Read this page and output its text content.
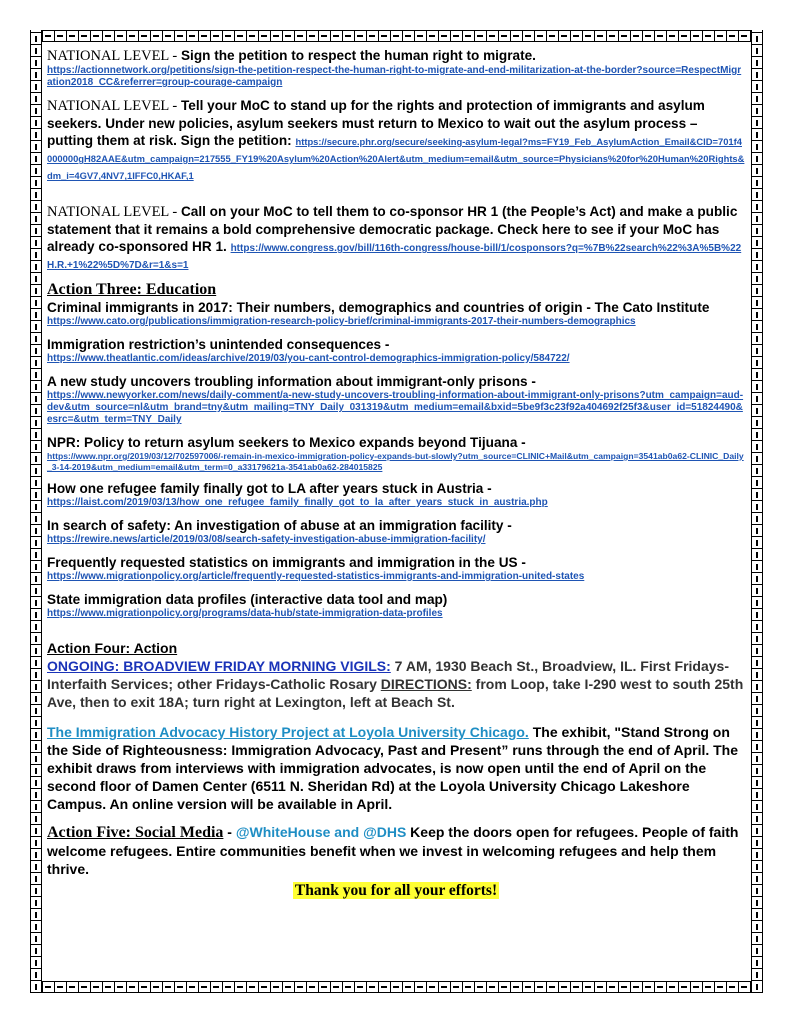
NATIONAL LEVEL - Sign the petition to respect the human right to migrate.

https://actionnetwork.org/petitions/sign-the-petition-respect-the-human-right-to-migrate-and-end-militarization-at-the-border?source=RespectMigration2018_CC&referrer=group-courage-campaign

NATIONAL LEVEL - Tell your MoC to stand up for the rights and protection of immigrants and asylum seekers. Under new policies, asylum seekers must return to Mexico to wait out the asylum process – putting them at risk. Sign the petition: https://secure.phr.org/secure/seeking-asylum-legal?ms=FY19_Feb_AsylumAction_Email&CID=701f4000000gH82AAE&utm_campaign=217555_FY19%20Asylum%20Action%20Alert&utm_medium=email&utm_source=Physicians%20for%20Human%20Rights&dm_i=4GV7,4NV7,1IFFC0,HKAF,1

NATIONAL LEVEL - Call on your MoC to tell them to co-sponsor HR 1 (the People’s Act) and make a public statement that it remains a bold comprehensive democratic package. Check here to see if your MoC has already co-sponsored HR 1. https://www.congress.gov/bill/116th-congress/house-bill/1/cosponsors?q=%7B%22search%22%3A%5B%22H.R.+1%22%5D%7D&r=1&s=1

Action Three: Education

Criminal immigrants in 2017: Their numbers, demographics and countries of origin - The Cato Institute

https://www.cato.org/publications/immigration-research-policy-brief/criminal-immigrants-2017-their-numbers-demographics

Immigration restriction’s unintended consequences -

https://www.theatlantic.com/ideas/archive/2019/03/you-cant-control-demographics-immigration-policy/584722/

A new study uncovers troubling information about immigrant-only prisons -

https://www.newyorker.com/news/daily-comment/a-new-study-uncovers-troubling-information-about-immigrant-only-prisons?utm_campaign=aud-dev&utm_source=nl&utm_brand=tny&utm_mailing=TNY_Daily_031319&utm_medium=email&bxid=5be9f3c23f92a404692f25f3&user_id=51824490&esrc=&utm_term=TNY_Daily

NPR: Policy to return asylum seekers to Mexico expands beyond Tijuana -

https://www.npr.org/2019/03/12/702597006/-remain-in-mexico-immigration-policy-expands-but-slowly?utm_source=CLINIC+Mail&utm_campaign=3541ab0a62-CLINIC_Daily_3-14-2019&utm_medium=email&utm_term=0_a33179621a-3541ab0a62-284015825

How one refugee family finally got to LA after years stuck in Austria -

https://laist.com/2019/03/13/how_one_refugee_family_finally_got_to_la_after_years_stuck_in_austria.php

In search of safety: An investigation of abuse at an immigration facility -

https://rewire.news/article/2019/03/08/search-safety-investigation-abuse-immigration-facility/

Frequently requested statistics on immigrants and immigration in the US -

https://www.migrationpolicy.org/article/frequently-requested-statistics-immigrants-and-immigration-united-states

State immigration data profiles (interactive data tool and map)

https://www.migrationpolicy.org/programs/data-hub/state-immigration-data-profiles

Action Four: Action

ONGOING: BROADVIEW FRIDAY MORNING VIGILS: 7 AM, 1930 Beach St., Broadview, IL. First Fridays-Interfaith Services; other Fridays-Catholic Rosary DIRECTIONS: from Loop, take I-290 west to south 25th Ave, then to exit 18A; turn right at Lexington, left at Beach St.

The Immigration Advocacy History Project at Loyola University Chicago. The exhibit, "Stand Strong on the Side of Righteousness: Immigration Advocacy, Past and Present” runs through the end of April. The exhibit draws from interviews with immigration advocates, is now open until the end of April on the second floor of Damen Center (6511 N. Sheridan Rd) at the Loyola University Chicago Lakeshore Campus. An online version will be available in April.

Action Five: Social Media - @WhiteHouse and @DHS Keep the doors open for refugees. People of faith welcome refugees. Entire communities benefit when we invest in welcoming refugees and help them thrive.

Thank you for all your efforts!
